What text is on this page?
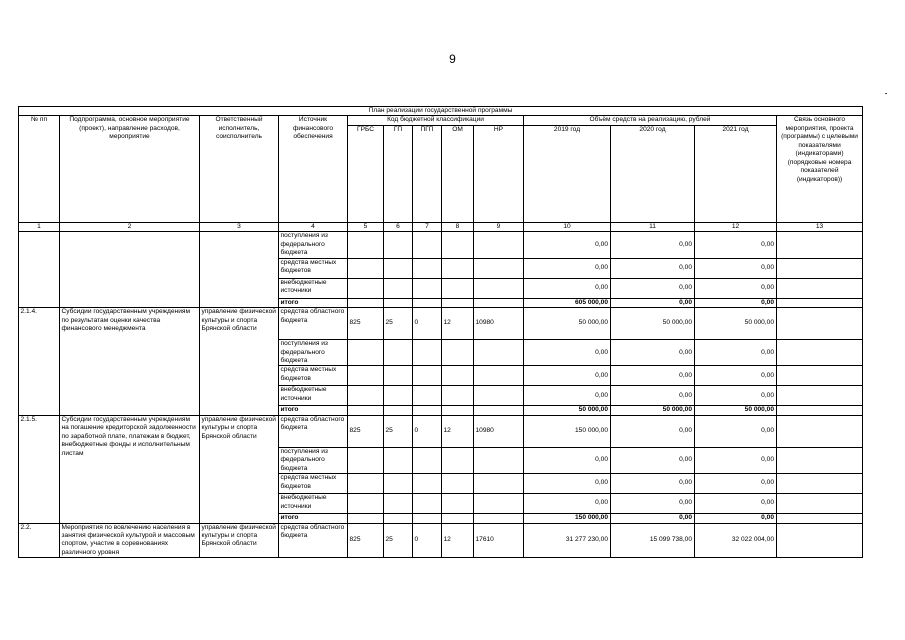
9
План реализации государственной программы												
№ пп	Подпрограмма, основное мероприятие (проект), направление расходов, мероприятие	Ответственный исполнитель, соисполнитель	Источник финансового обеспечения	Код бюджетной классификации					Объём средств на реализацию, рублей			Связь основного мероприятия, проекта (программы) с целевыми показателями (индикаторами) (порядковые номера показателей (индикаторов))
				ГРБС	ГП	ПГП	ОМ	НР	2019 год	2020 год	2021 год	
1	2	3	4	5	6	7	8	9	10	11	12	13
			поступления из федерального бюджета						0,00	0,00	0,00	
			средства местных бюджетов						0,00	0,00	0,00	
			внебюджетные источники						0,00	0,00	0,00	
			итого						605 000,00	0,00	0,00	
2.1.4.	Субсидии государственным учреждениям по результатам оценки качества финансового менеджмента	управление физической культуры и спорта Брянской области	средства областного бюджета	825	25	0	12	10980	50 000,00	50 000,00	50 000,00	
			поступления из федерального бюджета						0,00	0,00	0,00	
			средства местных бюджетов						0,00	0,00	0,00	
			внебюджетные источники						0,00	0,00	0,00	
			итого						50 000,00	50 000,00	50 000,00	
2.1.5.	Субсидии государственным учреждениям на погашение кредиторской задолженности по заработной плате, платежам в бюджет, внебюджетные фонды и исполнительным листам	управление физической культуры и спорта Брянской области	средства областного бюджета	825	25	0	12	10980	150 000,00	0,00	0,00	
			поступления из федерального бюджета						0,00	0,00	0,00	
			средства местных бюджетов						0,00	0,00	0,00	
			внебюджетные источники						0,00	0,00	0,00	
			итого						150 000,00	0,00	0,00	
2.2.	Мероприятия по вовлечению населения в занятия физической культурой и массовым спортом, участие в соревнованиях различного уровня	управление физической культуры и спорта Брянской области	средства областного бюджета	825	25	0	12	17610	31 277 230,00	15 099 738,00	32 022 004,00	
